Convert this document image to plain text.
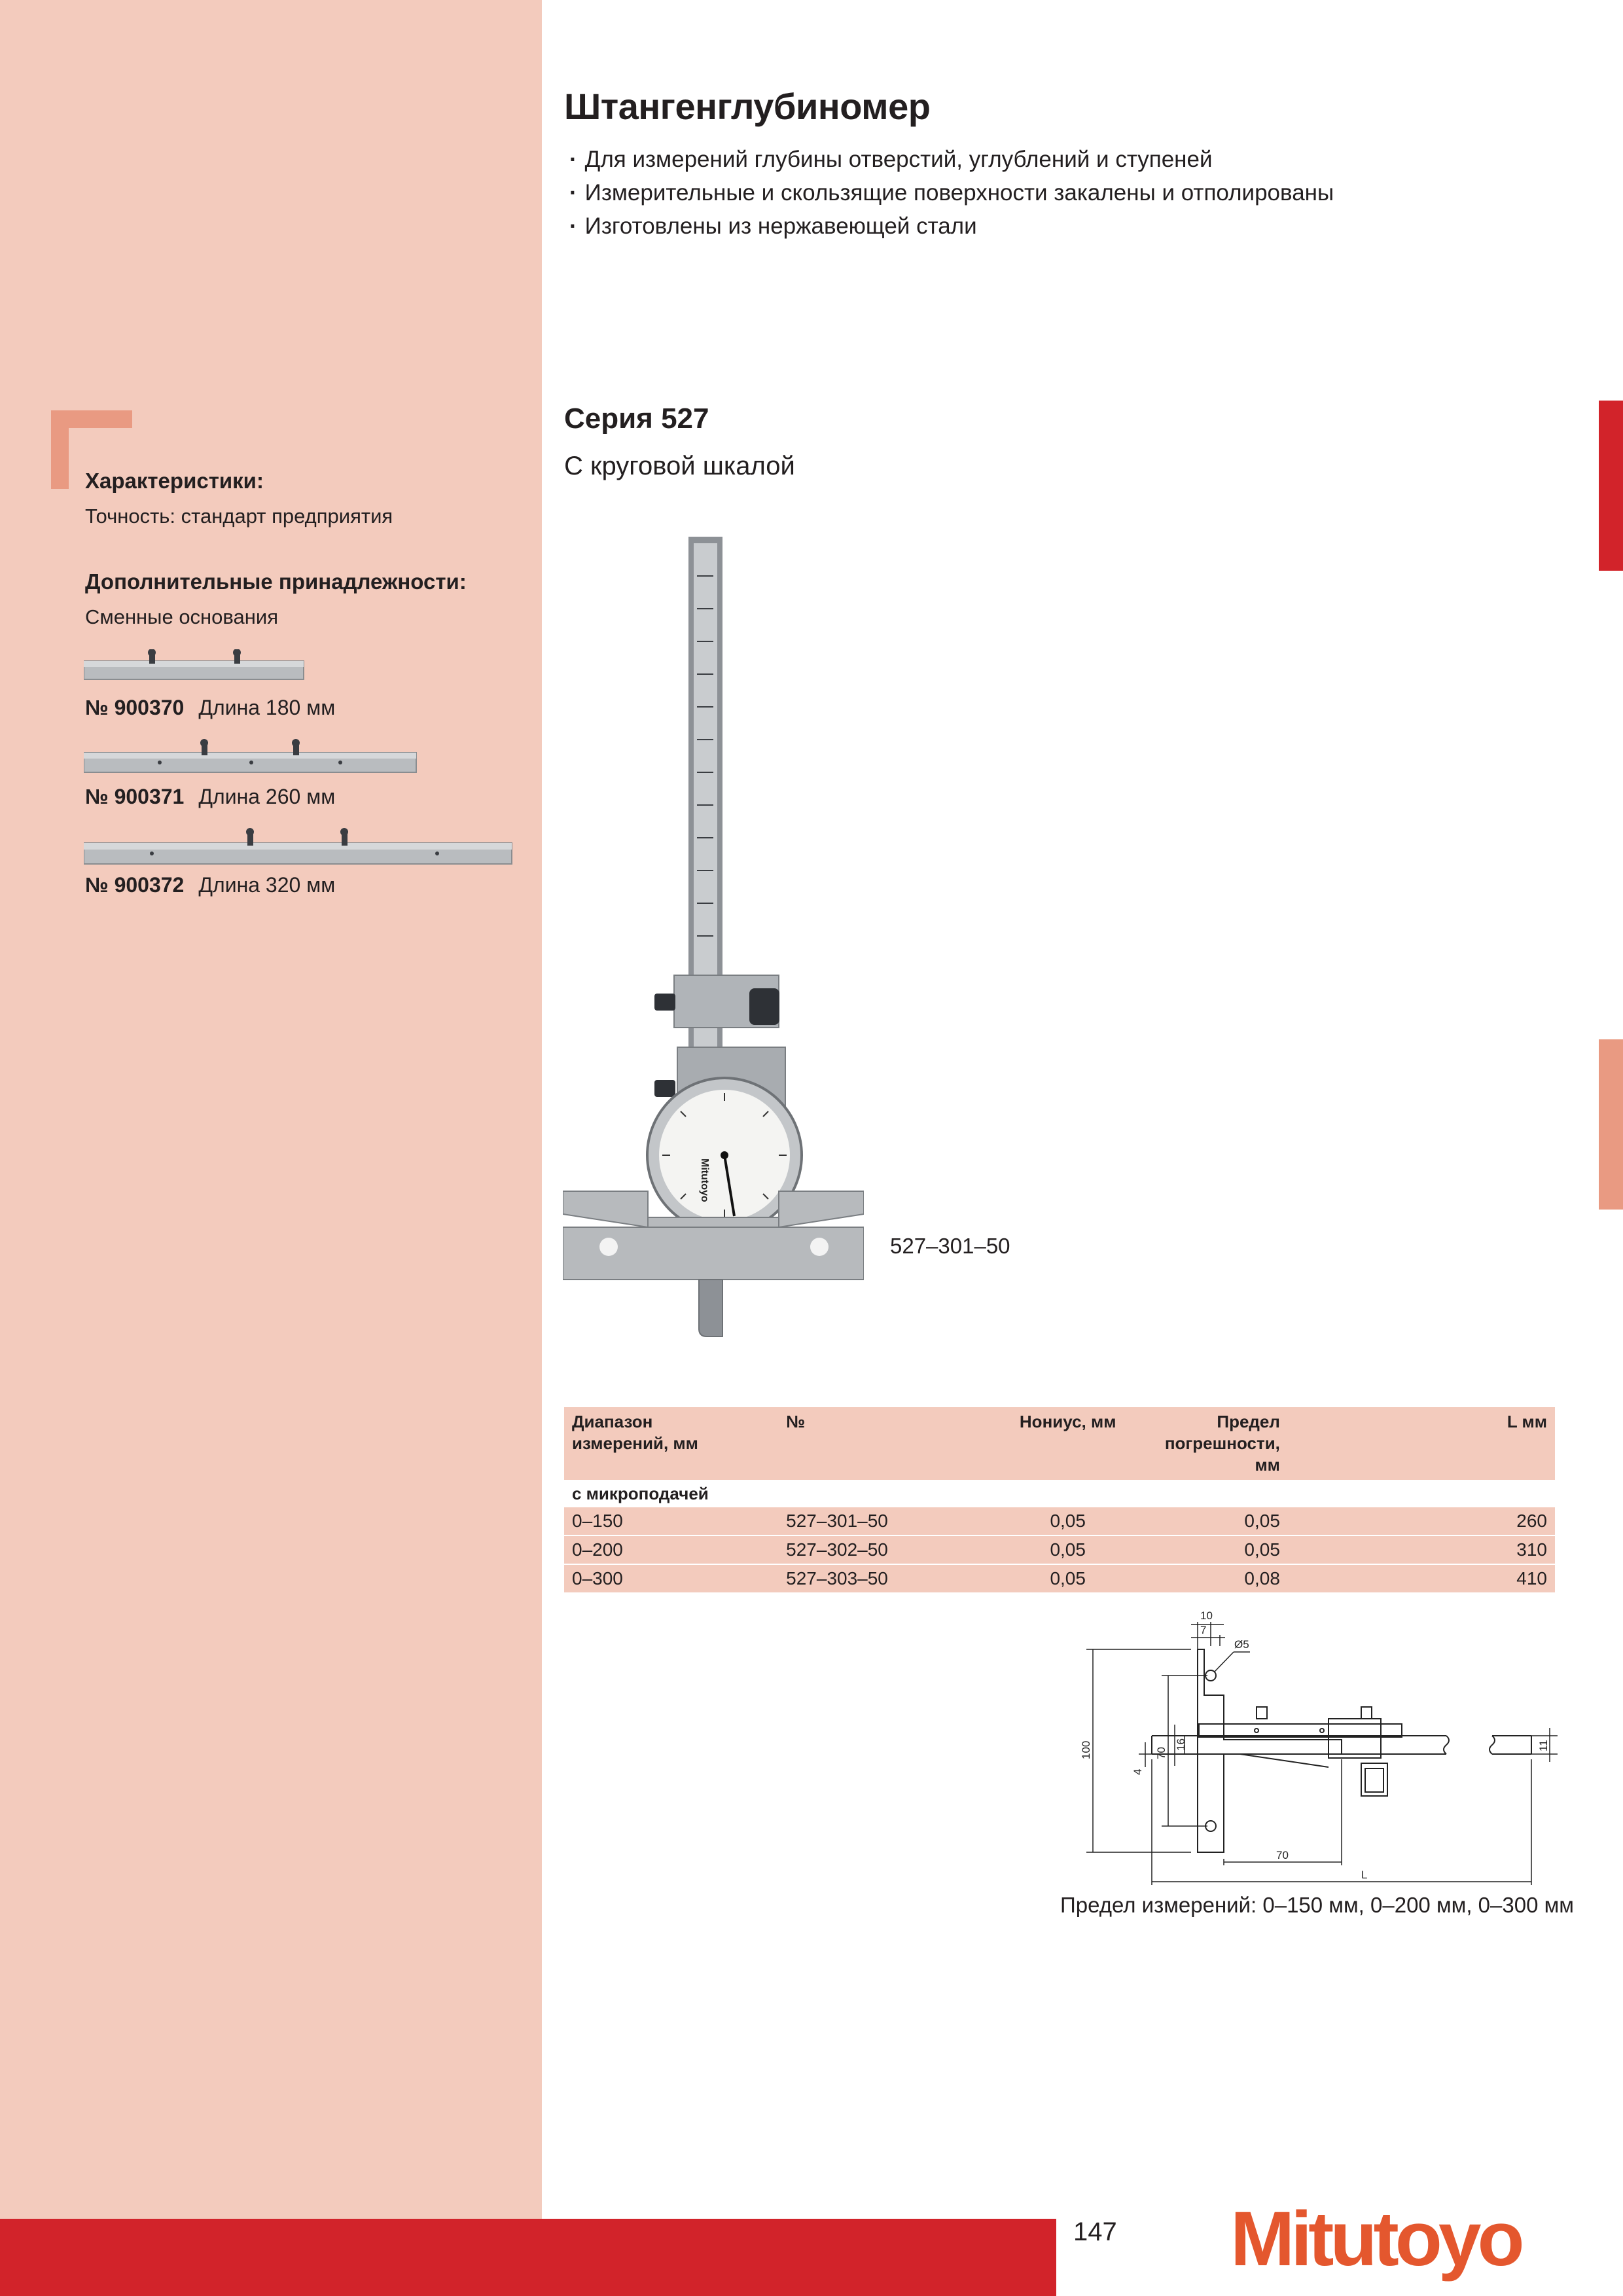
Характеристики:
Точность: стандарт предприятия
Дополнительные принадлежности:
Сменные основания
№ 900370 Длина 180 мм
№ 900371 Длина 260 мм
№ 900372 Длина 320 мм
Штангенглубиномер
· Для измерений глубины отверстий, углублений и ступеней
· Измерительные и скользящие поверхности закалены и отполированы
· Изготовлены из нержавеющей стали
Серия 527
С круговой шкалой
Mitutoyo
527–301–50
Диапазон измерений, мм	№	Нониус, мм	Предел погрешности, мм	L мм
с микроподачей				
0–150	527–301–50	0,05	0,05	260
0–200	527–302–50	0,05	0,05	310
0–300	527–303–50	0,05	0,08	410
10
7
Ø5
100
4
70
16	11
70
L
Предел измерений: 0–150 мм, 0–200 мм, 0–300 мм
147 Mitutoyo
